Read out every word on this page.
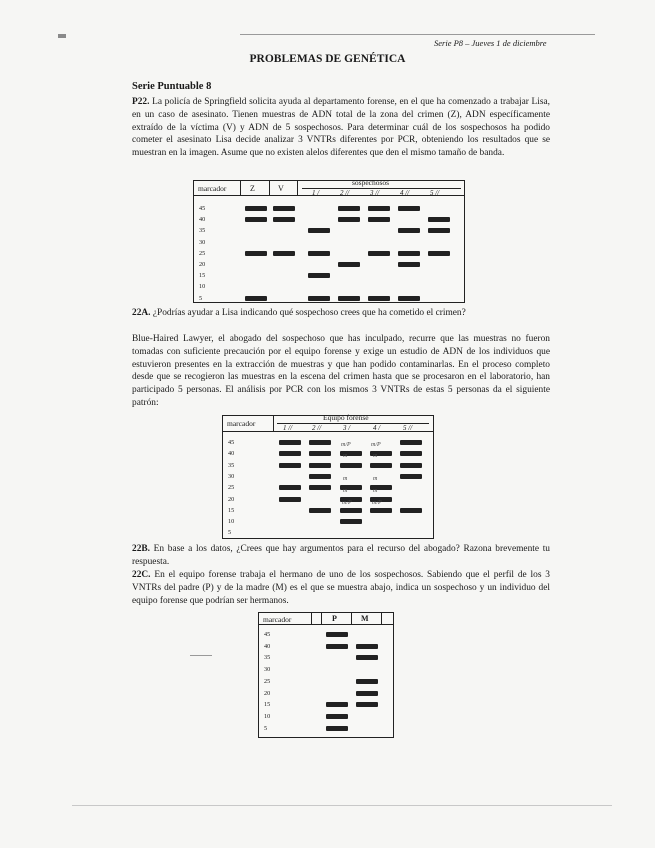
Serie P8 – Jueves 1 de diciembre
PROBLEMAS DE GENÉTICA
Serie Puntuable 8
P22. La policía de Springfield solicita ayuda al departamento forense, en el que ha comenzado a trabajar Lisa, en un caso de asesinato. Tienen muestras de ADN total de la zona del crimen (Z), ADN específicamente extraído de la víctima (V) y ADN de 5 sospechosos. Para determinar cuál de los sospechosos ha podido cometer el asesinato Lisa decide analizar 3 VNTRs diferentes por PCR, obteniendo los resultados que se muestran en la imagen. Asume que no existen alelos diferentes que den el mismo tamaño de banda.
marcador
sospechosos
Z	V	1 /	2 //	3 //	4 //	5 //
45
40
35
30
25
20
15
10
5
22A. ¿Podrías ayudar a Lisa indicando qué sospechoso crees que ha cometido el crimen?
Blue-Haired Lawyer, el abogado del sospechoso que has inculpado, recurre que las muestras no fueron tomadas con suficiente precaución por el equipo forense y exige un estudio de ADN de los individuos que estuvieron presentes en la extracción de muestras y que han podido contaminarlas. En el proceso completo desde que se recogieron las muestras en la escena del crimen hasta que se procesaron en el laboratorio, han participado 5 personas. El análisis por PCR con los mismos 3 VNTRs de estas 5 personas da el siguiente patrón:
marcador
Equipo forense
1 //	2 //	3 /	4 /	5 //
45
40
35
30
25
20
15
10
5
m/P	m/P
m	m
m	m
m	m
m/P	m/P
22B. En base a los datos, ¿Crees que hay argumentos para el recurso del abogado? Razona brevemente tu respuesta.
22C. En el equipo forense trabaja el hermano de uno de los sospechosos. Sabiendo que el perfil de los 3 VNTRs del padre (P) y de la madre (M) es el que se muestra abajo, indica un sospechoso y un individuo del equipo forense que podrían ser hermanos.
marcador	P	M
45
40
35
30
25
20
15
10
5
